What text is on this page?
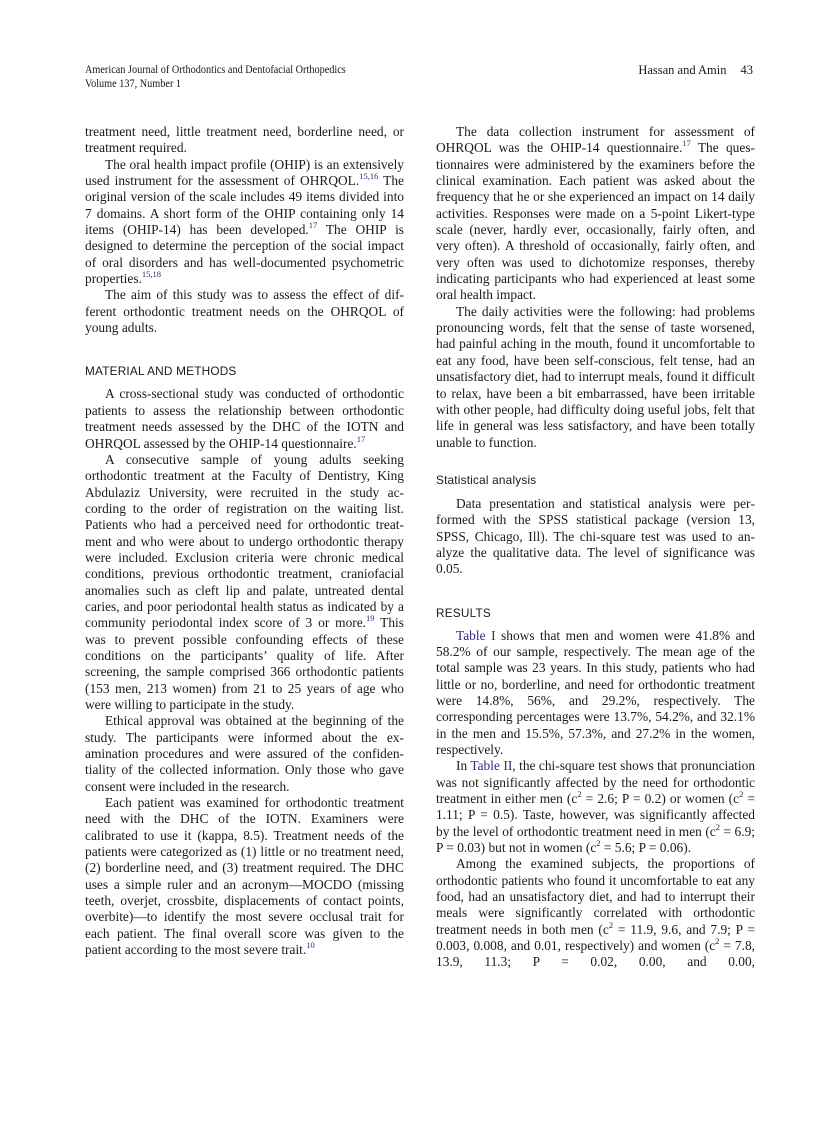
American Journal of Orthodontics and Dentofacial Orthopedics
Volume 137, Number 1
Hassan and Amin 43

treatment need, little treatment need, borderline need, or treatment required.

The oral health impact profile (OHIP) is an extensively used instrument for the assessment of OHRQOL.$^{15,16}$ The original version of the scale includes 49 items divided into 7 domains. A short form of the OHIP containing only 14 items (OHIP-14) has been developed.$^{17}$ The OHIP is designed to determine the perception of the social impact of oral disorders and has well-documented psychometric properties.$^{15,18}$

The aim of this study was to assess the effect of different orthodontic treatment needs on the OHRQOL of young adults.

MATERIAL AND METHODS

A cross-sectional study was conducted of orthodontic patients to assess the relationship between orthodontic treatment needs assessed by the DHC of the IOTN and OHRQOL assessed by the OHIP-14 questionnaire.$^{17}$

A consecutive sample of young adults seeking orthodontic treatment at the Faculty of Dentistry, King Abdulaziz University, were recruited in the study according to the order of registration on the waiting list. Patients who had a perceived need for orthodontic treatment and who were about to undergo orthodontic therapy were included. Exclusion criteria were chronic medical conditions, previous orthodontic treatment, craniofacial anomalies such as cleft lip and palate, untreated dental caries, and poor periodontal health status as indicated by a community periodontal index score of 3 or more.$^{19}$ This was to prevent possible confounding effects of these conditions on the participants’ quality of life. After screening, the sample comprised 366 orthodontic patients (153 men, 213 women) from 21 to 25 years of age who were willing to participate in the study.

Ethical approval was obtained at the beginning of the study. The participants were informed about the examination procedures and were assured of the confidentiality of the collected information. Only those who gave consent were included in the research.

Each patient was examined for orthodontic treatment need with the DHC of the IOTN. Examiners were calibrated to use it (kappa, 8.5). Treatment needs of the patients were categorized as (1) little or no treatment need, (2) borderline need, and (3) treatment required. The DHC uses a simple ruler and an acronym—MOCDO (missing teeth, overjet, crossbite, displacements of contact points, overbite)—to identify the most severe occlusal trait for each patient. The final overall score was given to the patient according to the most severe trait.$^{10}$

The data collection instrument for assessment of OHRQOL was the OHIP-14 questionnaire.$^{17}$ The questionnaires were administered by the examiners before the clinical examination. Each patient was asked about the frequency that he or she experienced an impact on 14 daily activities. Responses were made on a 5-point Likert-type scale (never, hardly ever, occasionally, fairly often, and very often). A threshold of occasionally, fairly often, and very often was used to dichotomize responses, thereby indicating participants who had experienced at least some oral health impact.

The daily activities were the following: had problems pronouncing words, felt that the sense of taste worsened, had painful aching in the mouth, found it uncomfortable to eat any food, have been self-conscious, felt tense, had an unsatisfactory diet, had to interrupt meals, found it difficult to relax, have been a bit embarrassed, have been irritable with other people, had difficulty doing useful jobs, felt that life in general was less satisfactory, and have been totally unable to function.

Statistical analysis

Data presentation and statistical analysis were performed with the SPSS statistical package (version 13, SPSS, Chicago, Ill). The chi-square test was used to analyze the qualitative data. The level of significance was 0.05.

RESULTS

Table I shows that men and women were 41.8% and 58.2% of our sample, respectively. The mean age of the total sample was 23 years. In this study, patients who had little or no, borderline, and need for orthodontic treatment were 14.8%, 56%, and 29.2%, respectively. The corresponding percentages were 13.7%, 54.2%, and 32.1% in the men and 15.5%, 57.3%, and 27.2% in the women, respectively.

In Table II, the chi-square test shows that pronunciation was not significantly affected by the need for orthodontic treatment in either men ($c^2 = 2.6$; P = 0.2) or women ($c^2 = 1.11$; P = 0.5). Taste, however, was significantly affected by the level of orthodontic treatment need in men ($c^2 = 6.9$; P = 0.03) but not in women ($c^2 = 5.6$; P = 0.06).

Among the examined subjects, the proportions of orthodontic patients who found it uncomfortable to eat any food, had an unsatisfactory diet, and had to interrupt their meals were significantly correlated with orthodontic treatment needs in both men ($c^2 = 11.9$, 9.6, and 7.9; P = 0.003, 0.008, and 0.01, respectively) and women ($c^2 = 7.8$, 13.9, 11.3; P = 0.02, 0.00, and 0.00,
